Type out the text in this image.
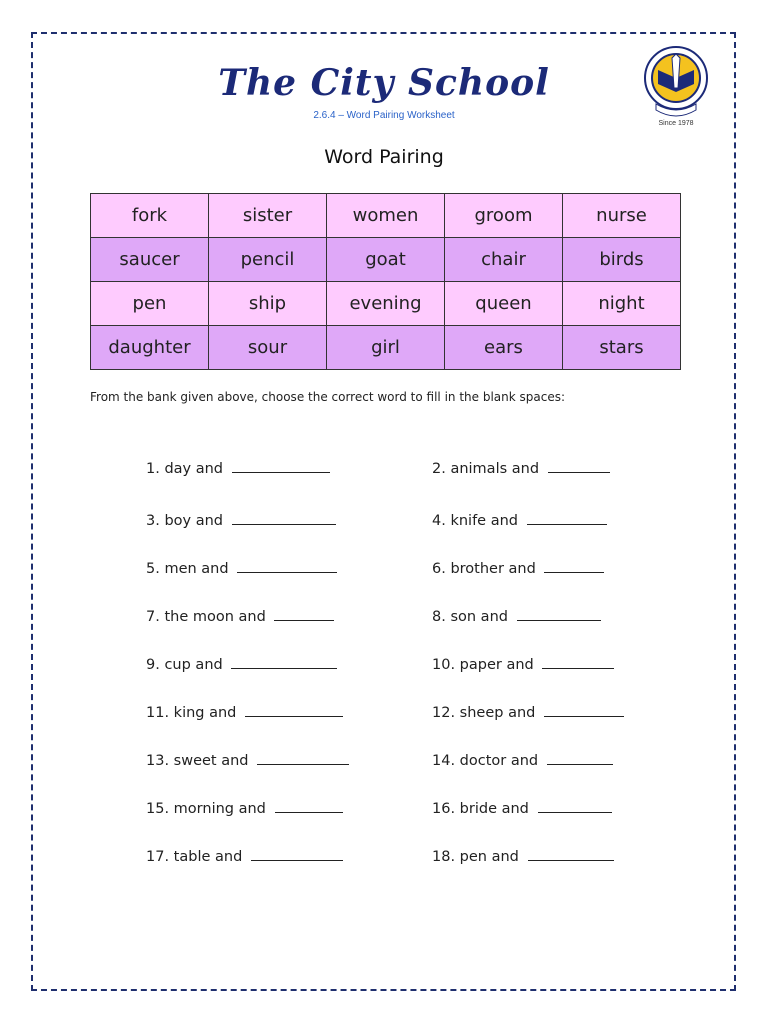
The City School
2.6.4 – Word Pairing Worksheet
Since 1978
Word Pairing
fork	sister	women	groom	nurse
saucer	pencil	goat	chair	birds
pen	ship	evening	queen	night
daughter	sour	girl	ears	stars
From the bank given above, choose the correct word to fill in the blank spaces:
1. day and	2. animals and
3. boy and	4. knife and
5. men and	6. brother and
7. the moon and	8. son and
9. cup and	10. paper and
11. king and	12. sheep and
13. sweet and	14. doctor and
15. morning and	16. bride and
17. table and	18. pen and
